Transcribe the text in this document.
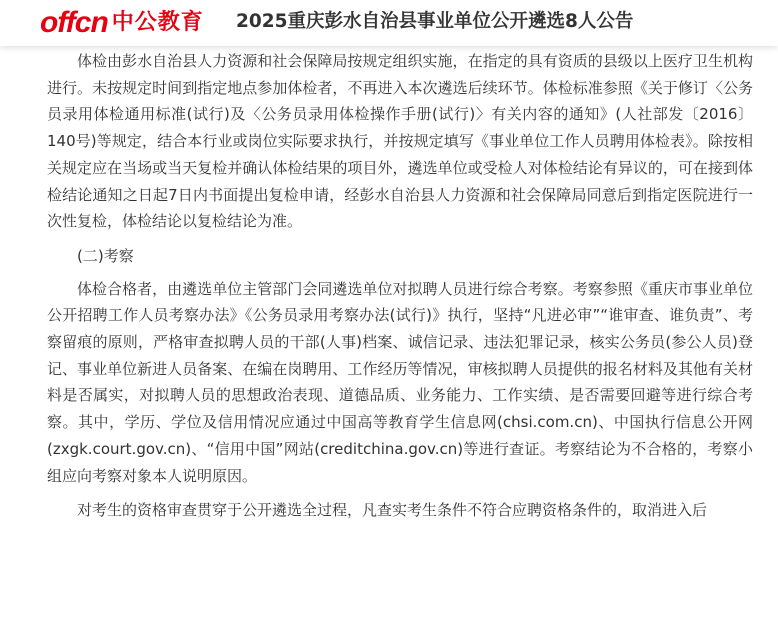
offcn 中公教育 2025重庆彭水自治县事业单位公开遴选8人公告

体检由彭水自治县人力资源和社会保障局按规定组织实施，在指定的具有资质的县级以上医疗卫生机构进行。未按规定时间到指定地点参加体检者，不再进入本次遴选后续环节。体检标准参照《关于修订〈公务员录用体检通用标准(试行)及〈公务员录用体检操作手册(试行)〉有关内容的通知》(人社部发〔2016〕140号)等规定，结合本行业或岗位实际要求执行，并按规定填写《事业单位工作人员聘用体检表》。除按相关规定应在当场或当天复检并确认体检结果的项目外，遴选单位或受检人对体检结论有异议的，可在接到体检结论通知之日起7日内书面提出复检申请，经彭水自治县人力资源和社会保障局同意后到指定医院进行一次性复检，体检结论以复检结论为准。

(二)考察

体检合格者，由遴选单位主管部门会同遴选单位对拟聘人员进行综合考察。考察参照《重庆市事业单位公开招聘工作人员考察办法》《公务员录用考察办法(试行)》执行，坚持“凡进必审”“谁审查、谁负责”、考察留痕的原则，严格审查拟聘人员的干部(人事)档案、诚信记录、违法犯罪记录，核实公务员(参公人员)登记、事业单位新进人员备案、在编在岗聘用、工作经历等情况，审核拟聘人员提供的报名材料及其他有关材料是否属实，对拟聘人员的思想政治表现、道德品质、业务能力、工作实绩、是否需要回避等进行综合考察。其中，学历、学位及信用情况应通过中国高等教育学生信息网(chsi.com.cn)、中国执行信息公开网(zxgk.court.gov.cn)、“信用中国”网站(creditchina.gov.cn)等进行查证。考察结论为不合格的，考察小组应向考察对象本人说明原因。

对考生的资格审查贯穿于公开遴选全过程，凡查实考生条件不符合应聘资格条件的，取消进入后
